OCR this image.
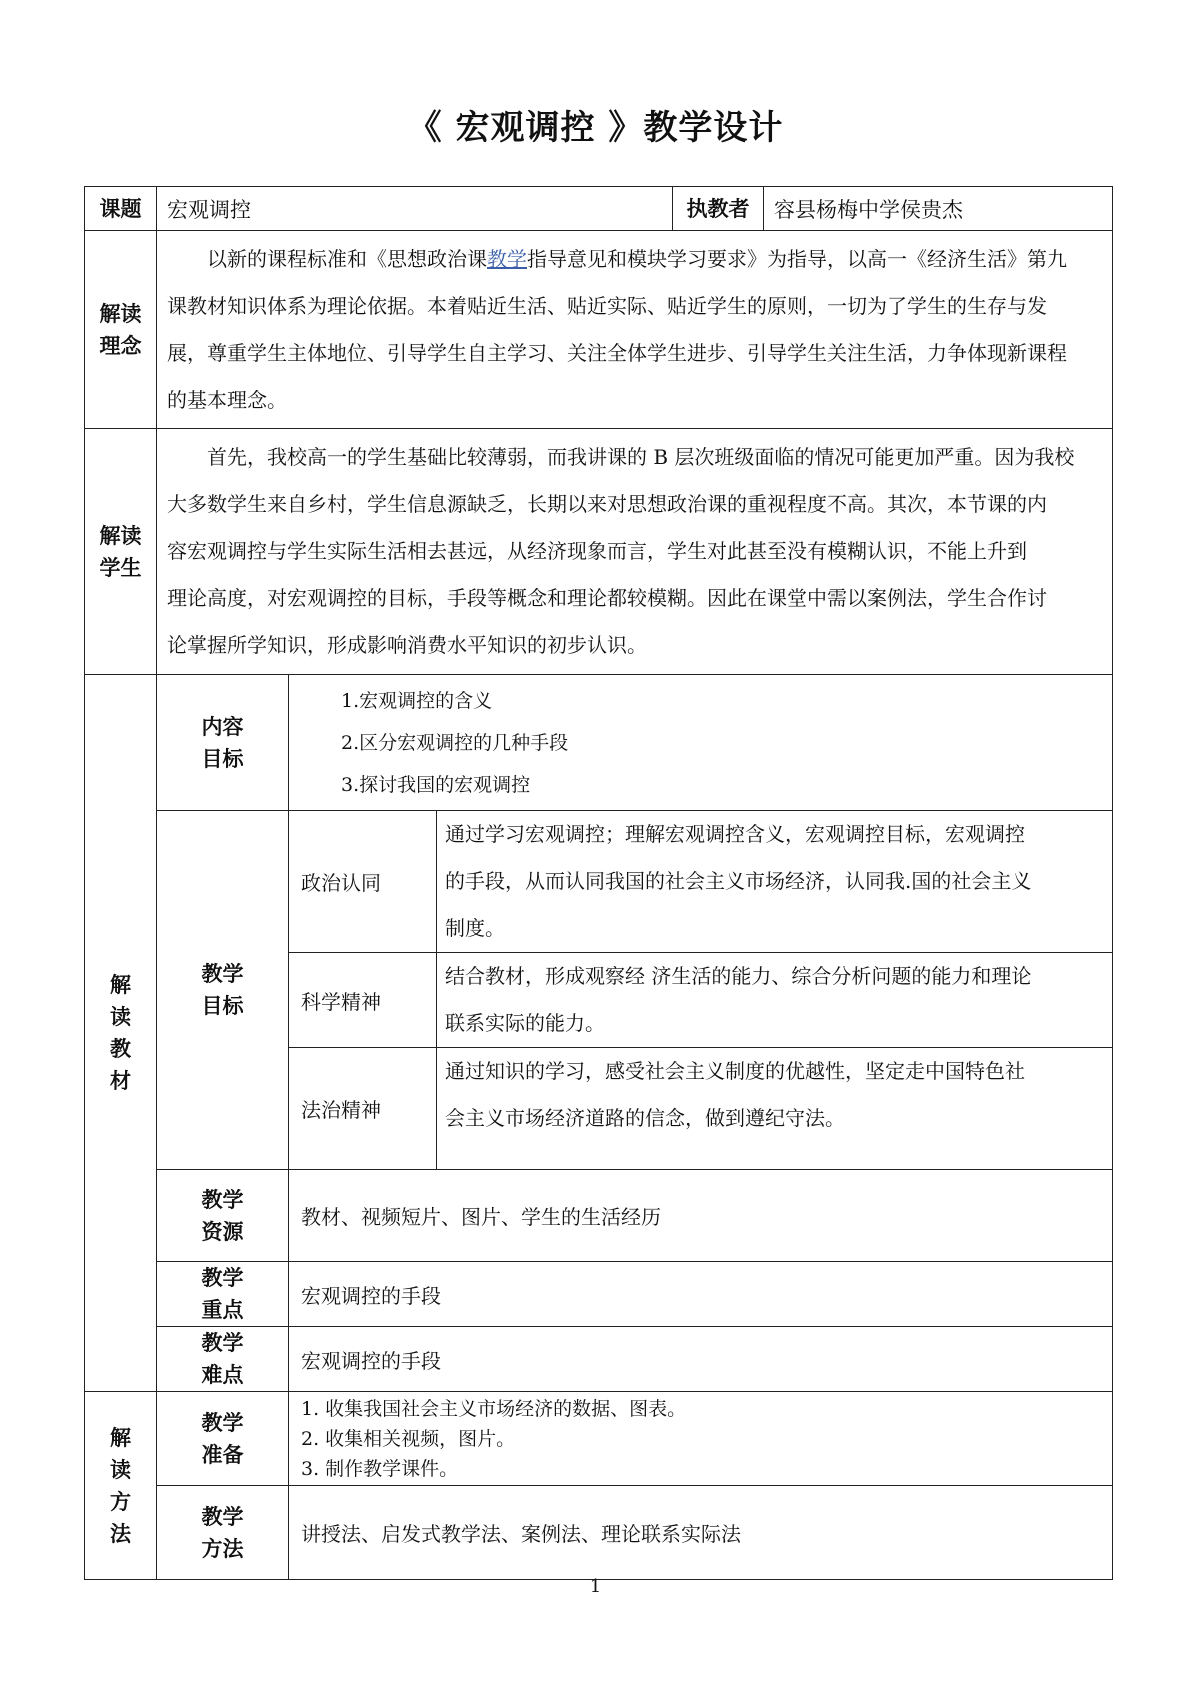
《 宏观调控 》教学设计
课题	宏观调控			执教者	容县杨梅中学侯贵杰
解读理念	　　以新的课程标准和《思想政治课教学指导意见和模块学习要求》为指导，以高一《经济生活》第九
课教材知识体系为理论依据。本着贴近生活、贴近实际、贴近学生的原则，一切为了学生的生存与发
展，尊重学生主体地位、引导学生自主学习、关注全体学生进步、引导学生关注生活，力争体现新课程
的基本理念。				

解读学生	　　首先，我校高一的学生基础比较薄弱，而我讲课的 B 层次班级面临的情况可能更加严重。因为我校
大多数学生来自乡村，学生信息源缺乏，长期以来对思想政治课的重视程度不高。其次，本节课的内
容宏观调控与学生实际生活相去甚远，从经济现象而言，学生对此甚至没有模糊认识，不能上升到
理论高度，对宏观调控的目标，手段等概念和理论都较模糊。因此在课堂中需以案例法，学生合作讨
论掌握所学知识，形成影响消费水平知识的初步认识。				

解读教材	内容目标	1.宏观调控的含义
2.区分宏观调控的几种手段
3.探讨我国的宏观调控			

	教学目标	政治认同	通过学习宏观调控；理解宏观调控含义，宏观调控目标，宏观调控
的手段，从而认同我国的社会主义市场经济，认同我.国的社会主义
制度。		

		科学精神	结合教材，形成观察经 济生活的能力、综合分析问题的能力和理论
联系实际的能力。		

		法治精神	通过知识的学习，感受社会主义制度的优越性，坚定走中国特色社
会主义市场经济道路的信念，做到遵纪守法。		

	教学资源	教材、视频短片、图片、学生的生活经历			
	教学重点	宏观调控的手段			
	教学难点	宏观调控的手段			
解读方法	教学准备	1. 收集我国社会主义市场经济的数据、图表。
2. 收集相关视频，图片。
3. 制作教学课件。			

	教学方法	讲授法、启发式教学法、案例法、理论联系实际法			
1
